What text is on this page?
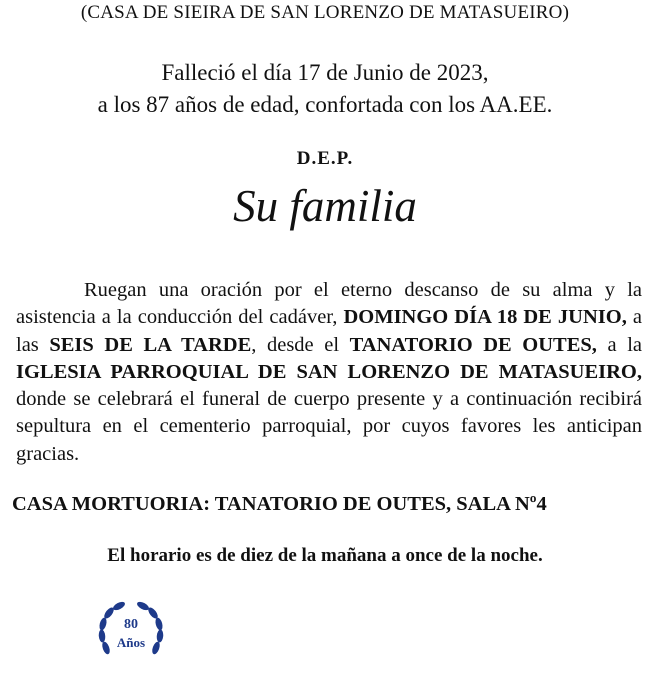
(CASA DE SIEIRA DE SAN LORENZO DE MATASUEIRO)
Falleció el día 17 de Junio de 2023,
a los 87 años de edad, confortada con los AA.EE.
D.E.P.
Su familia

Ruegan una oración por el eterno descanso de su alma y la asistencia a la conducción del cadáver, DOMINGO DÍA 18 DE JUNIO, a las SEIS DE LA TARDE, desde el TANATORIO DE OUTES, a la IGLESIA PARROQUIAL DE SAN LORENZO DE MATASUEIRO, donde se celebrará el funeral de cuerpo presente y a continuación recibirá sepultura en el cementerio parroquial, por cuyos favores les anticipan gracias.

CASA MORTUORIA: TANATORIO DE OUTES, SALA Nº4
El horario es de diez de la mañana a once de la noche.
80
Años
